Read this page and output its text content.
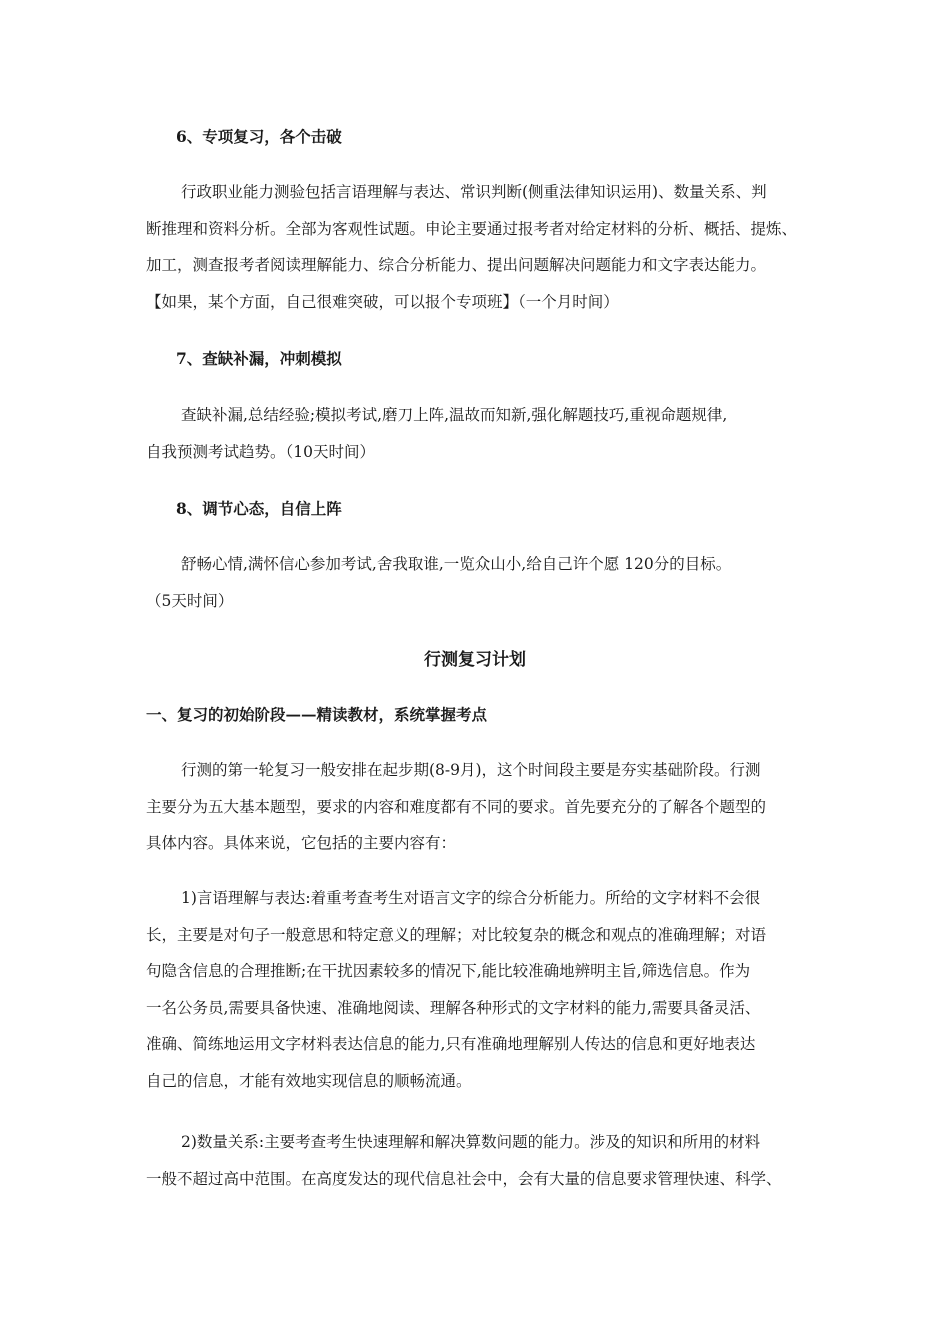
6、专项复习，各个击破
行政职业能力测验包括言语理解与表达、常识判断(侧重法律知识运用)、数量关系、判
断推理和资料分析。全部为客观性试题。申论主要通过报考者对给定材料的分析、概括、提炼、
加工，测查报考者阅读理解能力、综合分析能力、提出问题解决问题能力和文字表达能力。
【如果，某个方面，自己很难突破，可以报个专项班】（一个月时间）
7、查缺补漏，冲刺模拟
查缺补漏,总结经验;模拟考试,磨刀上阵,温故而知新,强化解题技巧,重视命题规律,
自我预测考试趋势。（10天时间）
8、调节心态，自信上阵
舒畅心情,满怀信心参加考试,舍我取谁,一览众山小,给自己许个愿 120分的目标。
（5天时间）
行测复习计划
一、复习的初始阶段——精读教材，系统掌握考点
行测的第一轮复习一般安排在起步期(8-9月)，这个时间段主要是夯实基础阶段。行测
主要分为五大基本题型，要求的内容和难度都有不同的要求。首先要充分的了解各个题型的
具体内容。具体来说，它包括的主要内容有：
1)言语理解与表达:着重考查考生对语言文字的综合分析能力。所给的文字材料不会很
长，主要是对句子一般意思和特定意义的理解；对比较复杂的概念和观点的准确理解；对语
句隐含信息的合理推断;在干扰因素较多的情况下,能比较准确地辨明主旨,筛选信息。作为
一名公务员,需要具备快速、准确地阅读、理解各种形式的文字材料的能力,需要具备灵活、
准确、简练地运用文字材料表达信息的能力,只有准确地理解别人传达的信息和更好地表达
自己的信息，才能有效地实现信息的顺畅流通。
2)数量关系:主要考查考生快速理解和解决算数问题的能力。涉及的知识和所用的材料
一般不超过高中范围。在高度发达的现代信息社会中，会有大量的信息要求管理快速、科学、
